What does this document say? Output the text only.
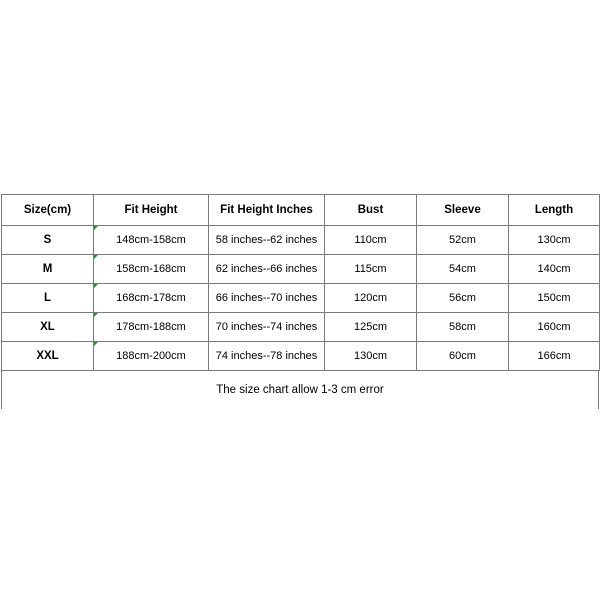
Size(cm)	Fit Height	Fit Height Inches	Bust	Sleeve	Length
S	148cm-158cm	58 inches--62 inches	110cm	52cm	130cm
M	158cm-168cm	62 inches--66 inches	115cm	54cm	140cm
L	168cm-178cm	66 inches--70 inches	120cm	56cm	150cm
XL	178cm-188cm	70 inches--74 inches	125cm	58cm	160cm
XXL	188cm-200cm	74 inches--78 inches	130cm	60cm	166cm
The size chart allow 1-3 cm error
